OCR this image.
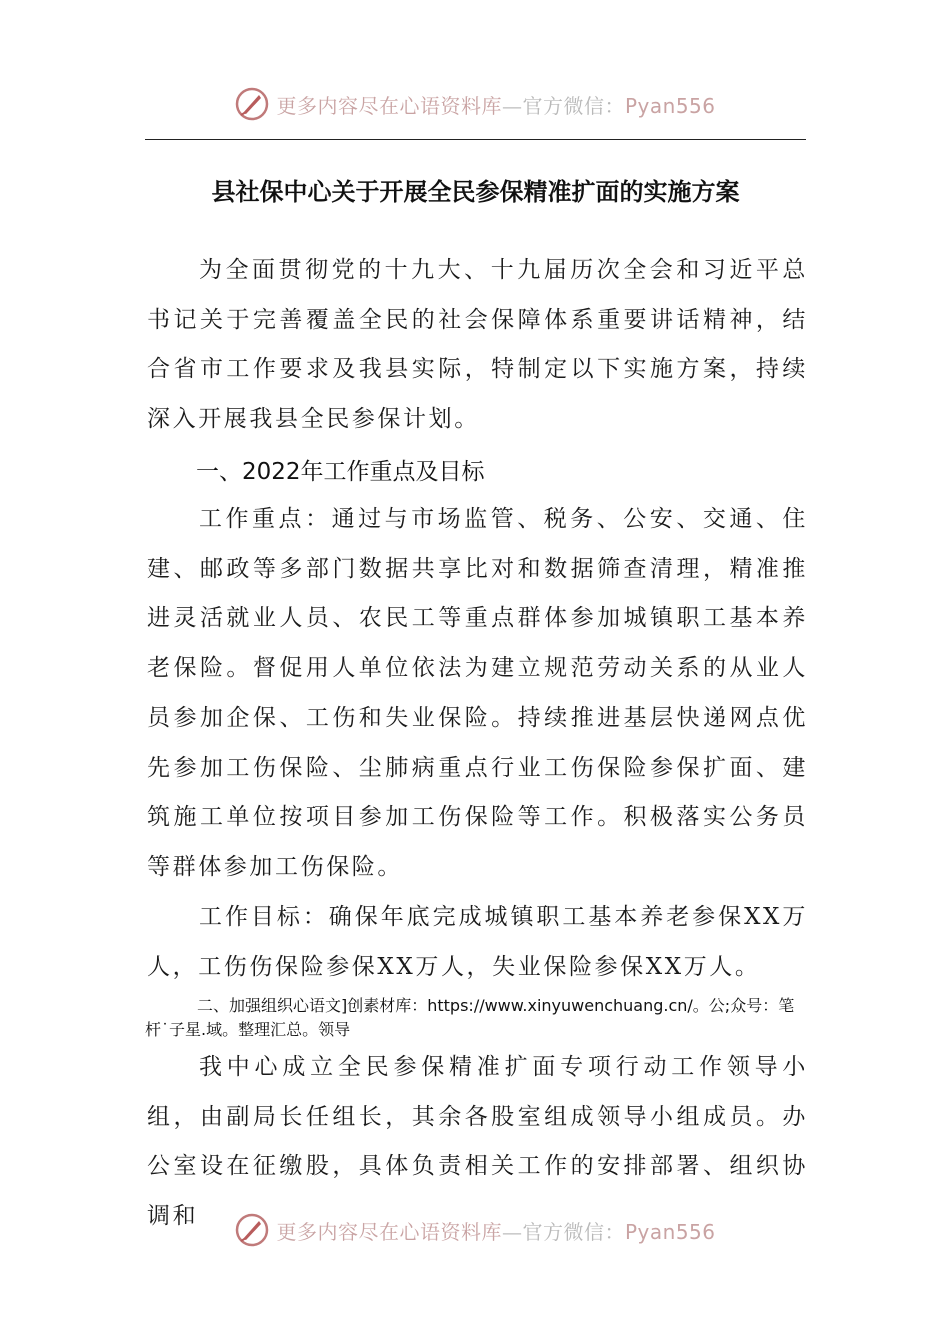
更多内容尽在心语资料库—官方微信：Pyan556
县社保中心关于开展全民参保精准扩面的实施方案

为全面贯彻党的十九大、十九届历次全会和习近平总书记关于完善覆盖全民的社会保障体系重要讲话精神，结合省市工作要求及我县实际，特制定以下实施方案，持续深入开展我县全民参保计划。

一、2022年工作重点及目标

工作重点：通过与市场监管、税务、公安、交通、住建、邮政等多部门数据共享比对和数据筛查清理，精准推进灵活就业人员、农民工等重点群体参加城镇职工基本养老保险。督促用人单位依法为建立规范劳动关系的从业人员参加企保、工伤和失业保险。持续推进基层快递网点优先参加工伤保险、尘肺病重点行业工伤保险参保扩面、建筑施工单位按项目参加工伤保险等工作。积极落实公务员等群体参加工伤保险。

工作目标：确保年底完成城镇职工基本养老参保XX万人，工伤伤保险参保XX万人，失业保险参保XX万人。

二、加强组织心语文]创素材库：https://www.xinyuwenchuang.cn/。公;众号：笔杆˙子星.域。整理汇总。领导

我中心成立全民参保精准扩面专项行动工作领导小组，由副局长任组长，其余各股室组成领导小组成员。办公室设在征缴股，具体负责相关工作的安排部署、组织协调和

更多内容尽在心语资料库—官方微信：Pyan556
